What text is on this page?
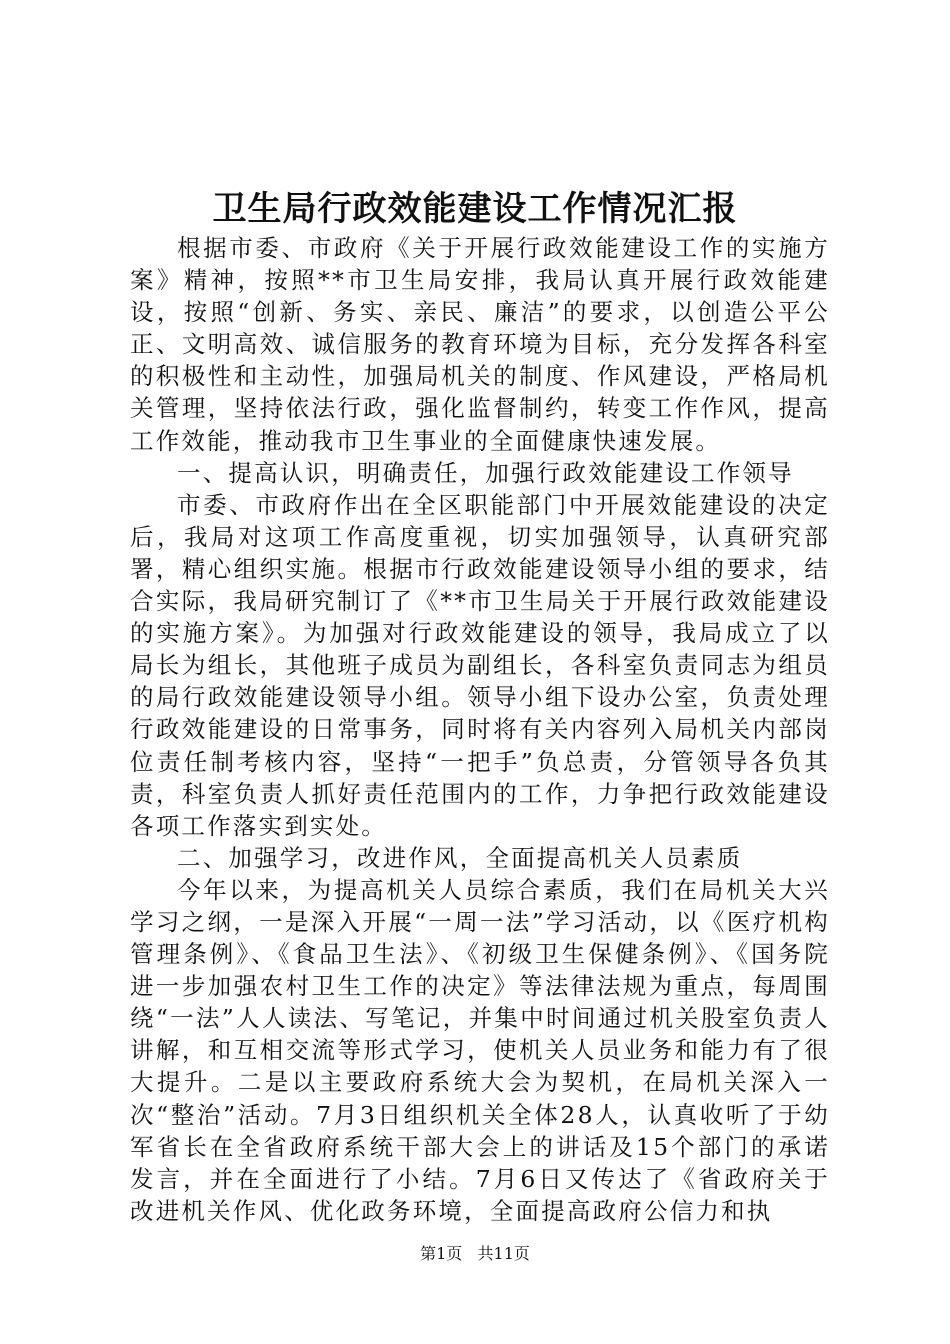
卫生局行政效能建设工作情况汇报

根据市委、市政府《关于开展行政效能建设工作的实施方案》精神，按照**市卫生局安排，我局认真开展行政效能建设，按照“创新、务实、亲民、廉洁”的要求，以创造公平公正、文明高效、诚信服务的教育环境为目标，充分发挥各科室的积极性和主动性，加强局机关的制度、作风建设，严格局机关管理，坚持依法行政，强化监督制约，转变工作作风，提高工作效能，推动我市卫生事业的全面健康快速发展。

一、提高认识，明确责任，加强行政效能建设工作领导

市委、市政府作出在全区职能部门中开展效能建设的决定后，我局对这项工作高度重视，切实加强领导，认真研究部署，精心组织实施。根据市行政效能建设领导小组的要求，结合实际，我局研究制订了《**市卫生局关于开展行政效能建设的实施方案》。为加强对行政效能建设的领导，我局成立了以局长为组长，其他班子成员为副组长，各科室负责同志为组员的局行政效能建设领导小组。领导小组下设办公室，负责处理行政效能建设的日常事务，同时将有关内容列入局机关内部岗位责任制考核内容，坚持“一把手”负总责，分管领导各负其责，科室负责人抓好责任范围内的工作，力争把行政效能建设各项工作落实到实处。

二、加强学习，改进作风，全面提高机关人员素质

今年以来，为提高机关人员综合素质，我们在局机关大兴学习之纲，一是深入开展“一周一法”学习活动，以《医疗机构管理条例》、《食品卫生法》、《初级卫生保健条例》、《国务院进一步加强农村卫生工作的决定》等法律法规为重点，每周围绕“一法”人人读法、写笔记，并集中时间通过机关股室负责人讲解，和互相交流等形式学习，使机关人员业务和能力有了很大提升。二是以主要政府系统大会为契机，在局机关深入一次“整治”活动。7月3日组织机关全体28人，认真收听了于幼军省长在全省政府系统干部大会上的讲话及15个部门的承诺发言，并在全面进行了小结。7月6日又传达了《省政府关于改进机关作风、优化政务环境，全面提高政府公信力和执

第1页 共11页
